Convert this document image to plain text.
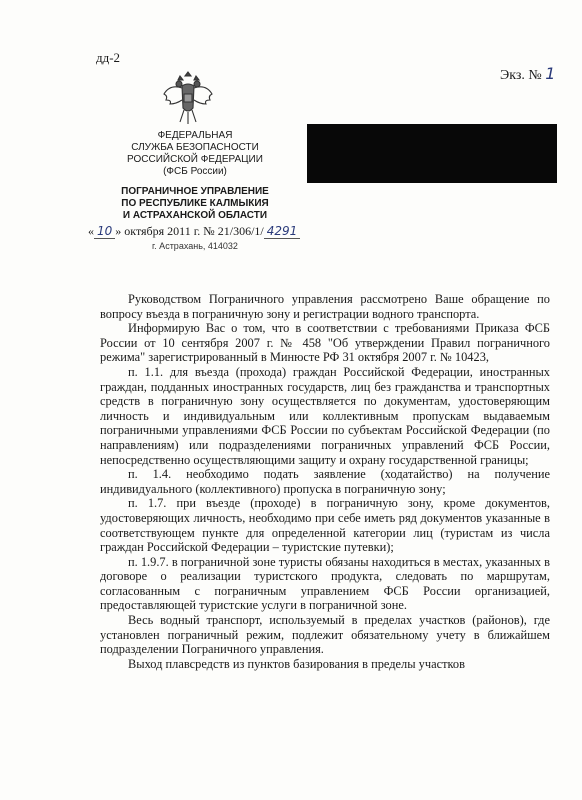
дд-2
Экз. № 1
ФЕДЕРАЛЬНАЯ
СЛУЖБА БЕЗОПАСНОСТИ
РОССИЙСКОЙ ФЕДЕРАЦИИ
(ФСБ России)
ПОГРАНИЧНОЕ УПРАВЛЕНИЕ
ПО РЕСПУБЛИКЕ КАЛМЫКИЯ
И АСТРАХАНСКОЙ ОБЛАСТИ
« 10 » октября 2011 г. № 21/306/1/ 4291
г. Астрахань, 414032

Руководством Пограничного управления рассмотрено Ваше обращение по вопросу въезда в пограничную зону и регистрации водного транспорта.

Информирую Вас о том, что в соответствии с требованиями Приказа ФСБ России от 10 сентября 2007 г. № 458 "Об утверждении Правил пограничного режима" зарегистрированный в Минюсте РФ 31 октября 2007 г. № 10423,

п. 1.1. для въезда (прохода) граждан Российской Федерации, иностранных граждан, подданных иностранных государств, лиц без гражданства и транспортных средств в пограничную зону осуществляется по документам, удостоверяющим личность и индивидуальным или коллективным пропускам выдаваемым пограничными управлениями ФСБ России по субъектам Российской Федерации (по направлениям) или подразделениями пограничных управлений ФСБ России, непосредственно осуществляющими защиту и охрану государственной границы;

п. 1.4. необходимо подать заявление (ходатайство) на получение индивидуального (коллективного) пропуска в пограничную зону;

п. 1.7. при въезде (проходе) в пограничную зону, кроме документов, удостоверяющих личность, необходимо при себе иметь ряд документов указанные в соответствующем пункте для определенной категории лиц (туристам из числа граждан Российской Федерации – туристские путевки);

п. 1.9.7. в пограничной зоне туристы обязаны находиться в местах, указанных в договоре о реализации туристского продукта, следовать по маршрутам, согласованным с пограничным управлением ФСБ России организацией, предоставляющей туристские услуги в пограничной зоне.

Весь водный транспорт, используемый в пределах участков (районов), где установлен пограничный режим, подлежит обязательному учету в ближайшем подразделении Пограничного управления.

Выход плавсредств из пунктов базирования в пределы участков
